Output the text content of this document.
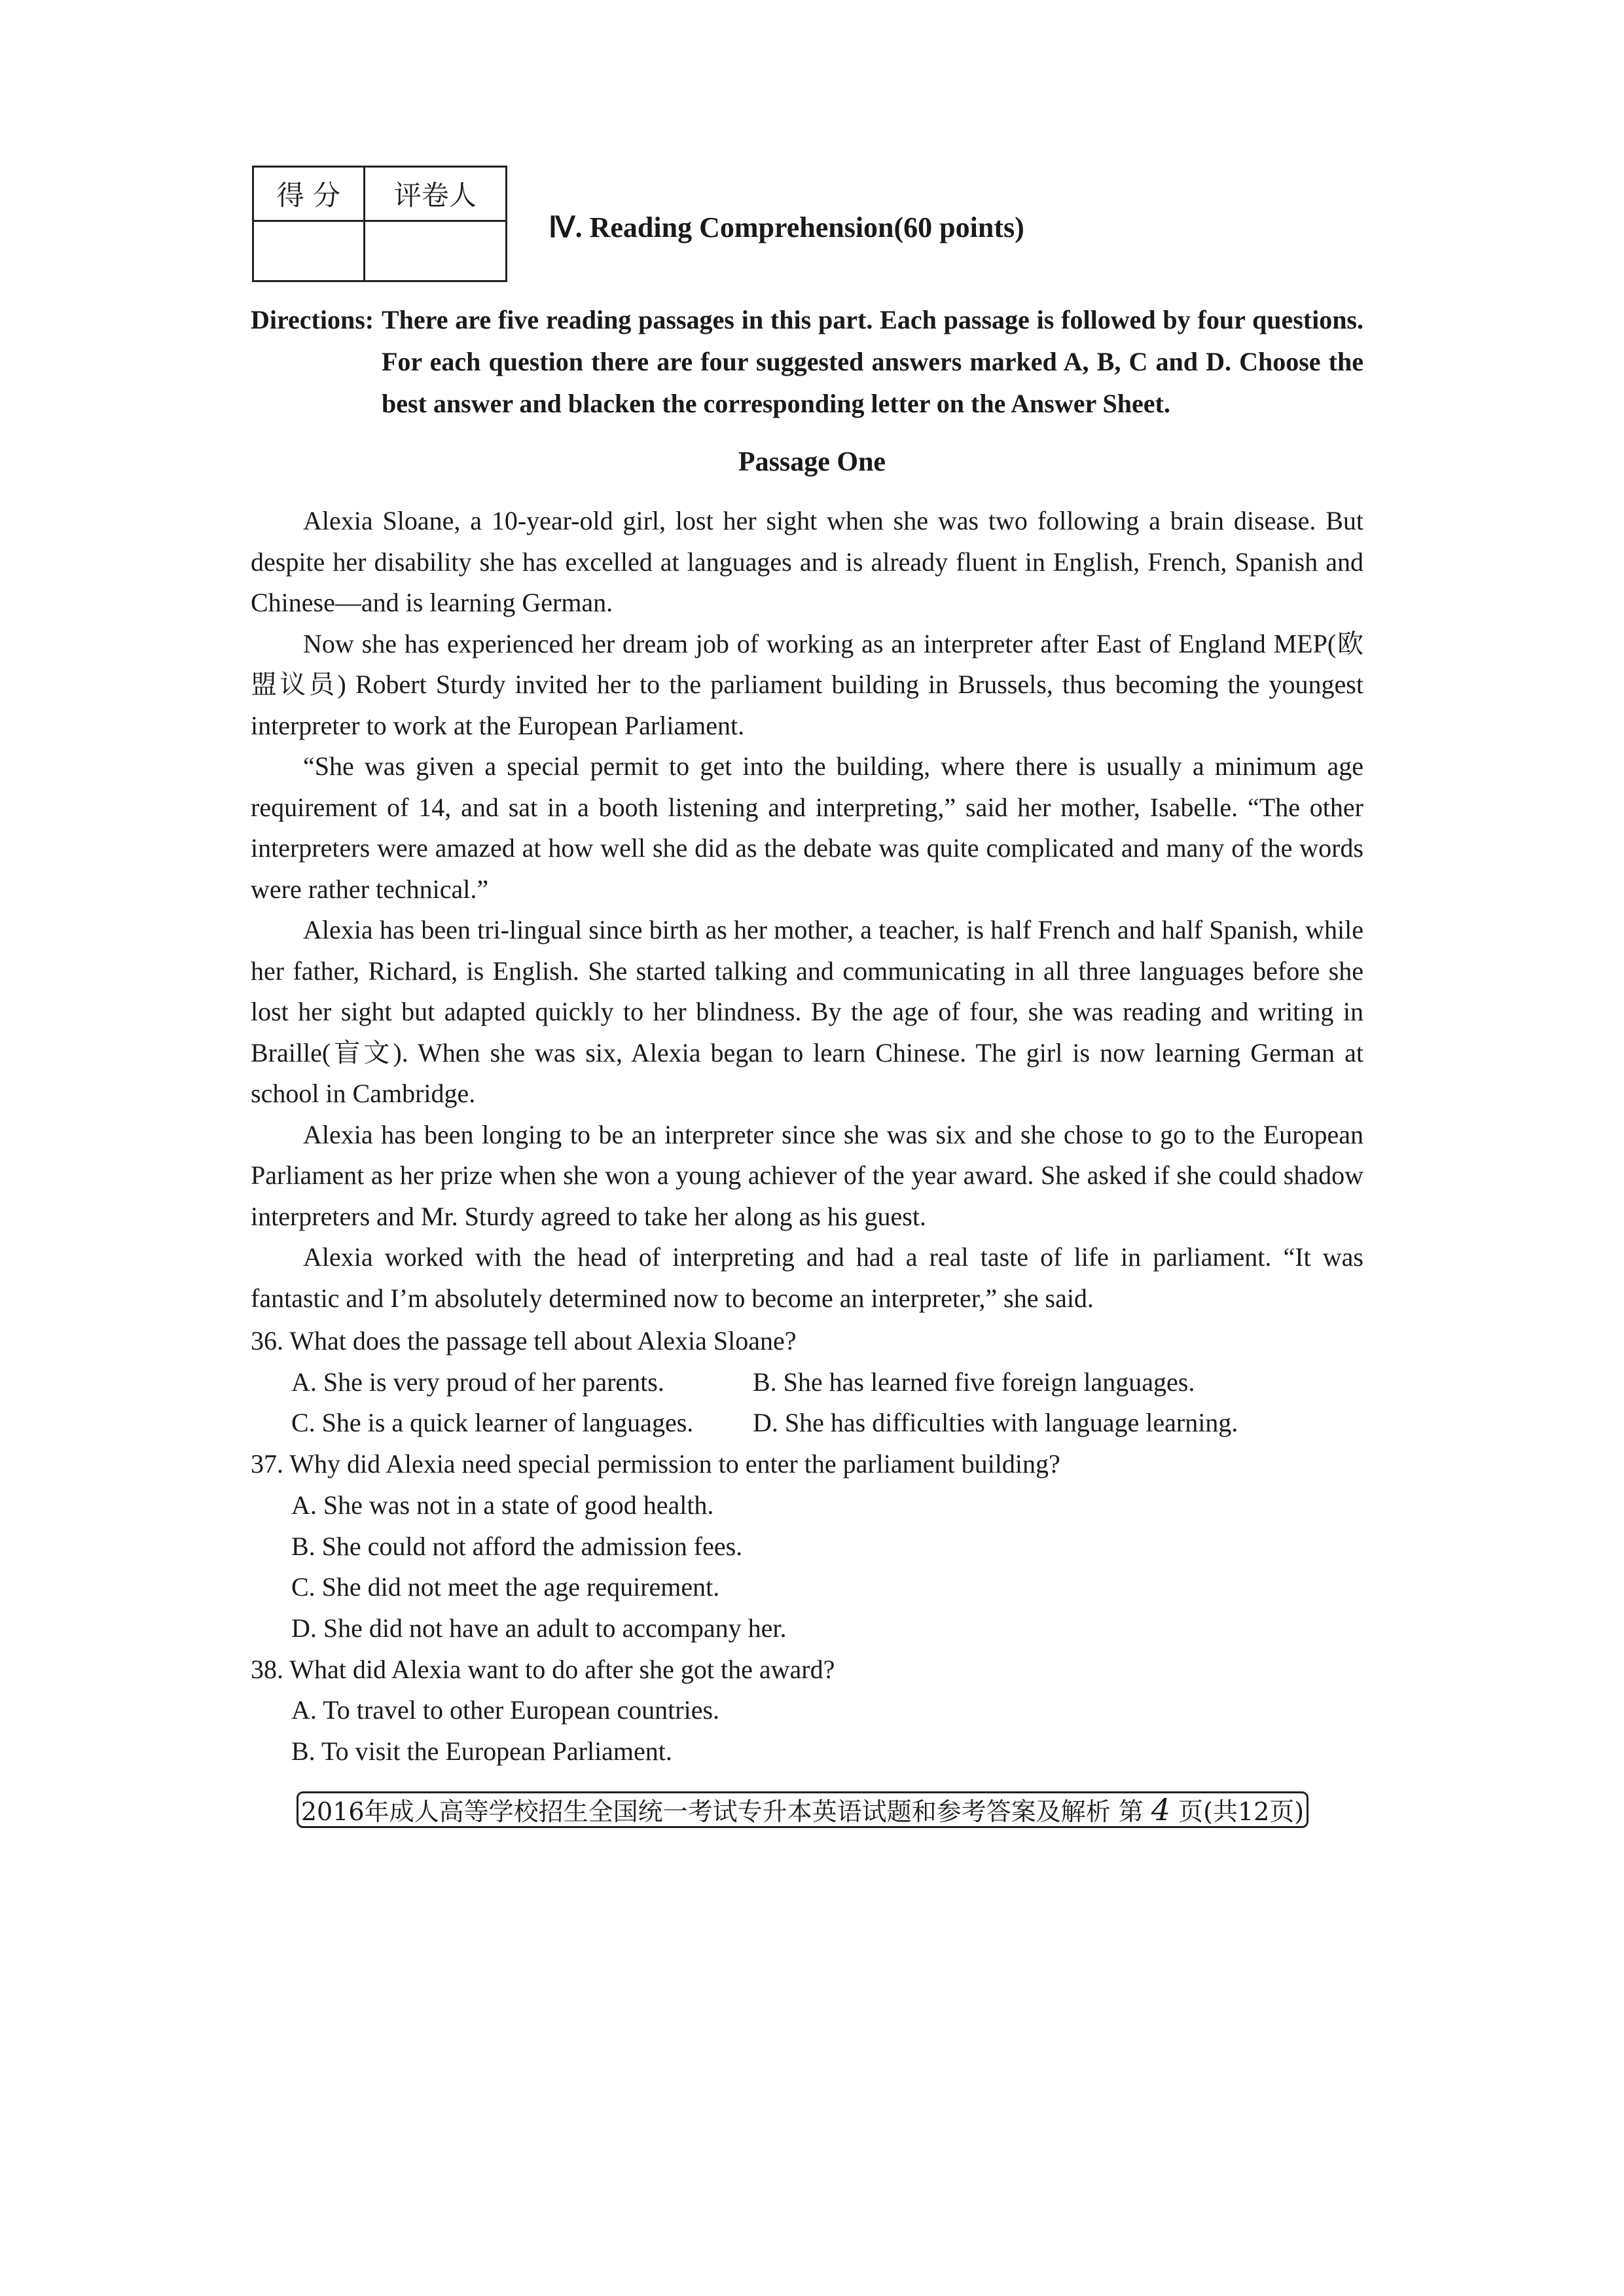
得 分	评卷人

Ⅳ. Reading Comprehension(60 points)
Directions: There are five reading passages in this part. Each passage is followed by four questions. For each question there are four suggested answers marked A, B, C and D. Choose the best answer and blacken the corresponding letter on the Answer Sheet.
Passage One

Alexia Sloane, a 10-year-old girl, lost her sight when she was two following a brain disease. But despite her disability she has excelled at languages and is already fluent in English, French, Spanish and Chinese—and is learning German.

Now she has experienced her dream job of working as an interpreter after East of England MEP(欧盟议员) Robert Sturdy invited her to the parliament building in Brussels, thus becoming the youngest interpreter to work at the European Parliament.

“She was given a special permit to get into the building, where there is usually a minimum age requirement of 14, and sat in a booth listening and interpreting,” said her mother, Isabelle. “The other interpreters were amazed at how well she did as the debate was quite complicated and many of the words were rather technical.”

Alexia has been tri-lingual since birth as her mother, a teacher, is half French and half Spanish, while her father, Richard, is English. She started talking and communicating in all three languages before she lost her sight but adapted quickly to her blindness. By the age of four, she was reading and writing in Braille(盲文). When she was six, Alexia began to learn Chinese. The girl is now learning German at school in Cambridge.

Alexia has been longing to be an interpreter since she was six and she chose to go to the European Parliament as her prize when she won a young achiever of the year award. She asked if she could shadow interpreters and Mr. Sturdy agreed to take her along as his guest.

Alexia worked with the head of interpreting and had a real taste of life in parliament. “It was fantastic and I’m absolutely determined now to become an interpreter,” she said.

36. What does the passage tell about Alexia Sloane?

A. She is very proud of her parents.	B. She has learned five foreign languages.
C. She is a quick learner of languages.	D. She has difficulties with language learning.

37. Why did Alexia need special permission to enter the parliament building?

A. She was not in a state of good health.

B. She could not afford the admission fees.

C. She did not meet the age requirement.

D. She did not have an adult to accompany her.

38. What did Alexia want to do after she got the award?

A. To travel to other European countries.

B. To visit the European Parliament.

2016年成人高等学校招生全国统一考试专升本英语试题和参考答案及解析 第 4 页(共12页)
